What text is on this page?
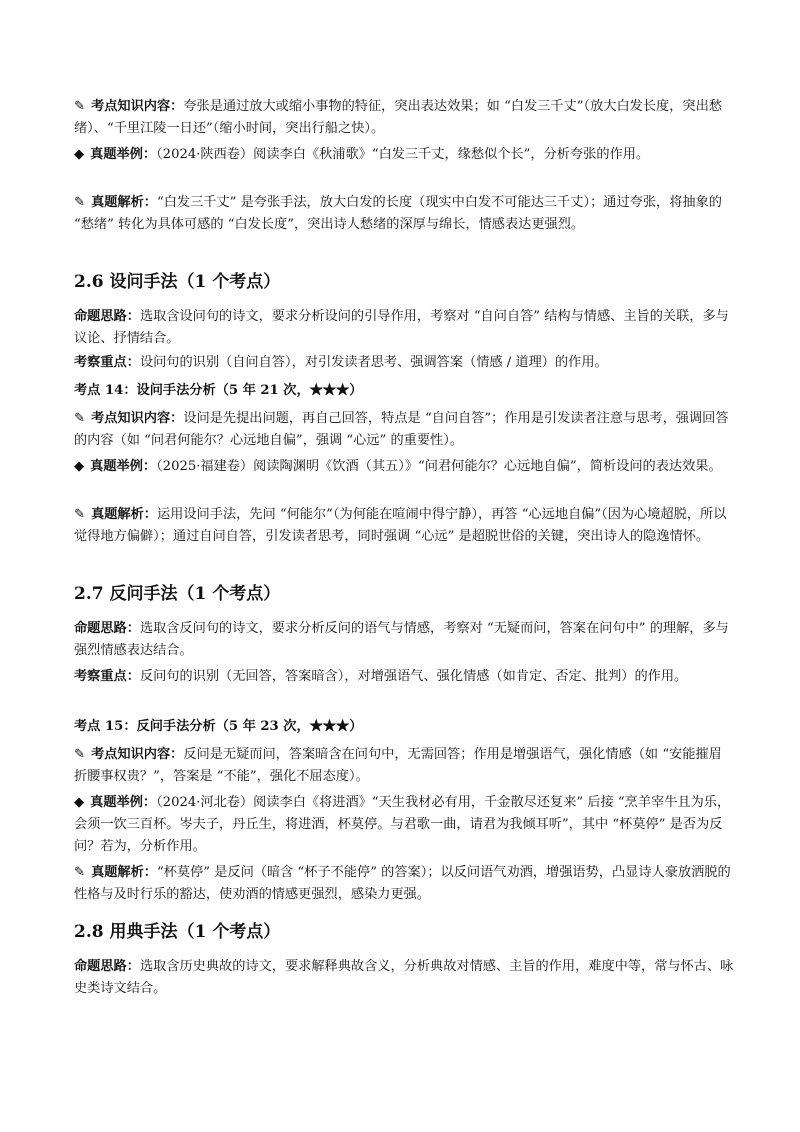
✎ 考点知识内容：夸张是通过放大或缩小事物的特征，突出表达效果；如 “白发三千丈”（放大白发长度，突出愁绪）、“千里江陵一日还”（缩小时间，突出行船之快）。

◆ 真题举例：（2024·陕西卷）阅读李白《秋浦歌》“白发三千丈，缘愁似个长”，分析夸张的作用。

✎ 真题解析：“白发三千丈” 是夸张手法，放大白发的长度（现实中白发不可能达三千丈）；通过夸张，将抽象的 “愁绪” 转化为具体可感的 “白发长度”，突出诗人愁绪的深厚与绵长，情感表达更强烈。

2.6 设问手法（1 个考点）

命题思路：选取含设问句的诗文，要求分析设问的引导作用，考察对 “自问自答” 结构与情感、主旨的关联，多与议论、抒情结合。

考察重点：设问句的识别（自问自答），对引发读者思考、强调答案（情感 / 道理）的作用。

考点 14：设问手法分析（5 年 21 次，★★★）

✎ 考点知识内容：设问是先提出问题，再自己回答，特点是 “自问自答”；作用是引发读者注意与思考，强调回答的内容（如 “问君何能尔？心远地自偏”，强调 “心远” 的重要性）。

◆ 真题举例：（2025·福建卷）阅读陶渊明《饮酒（其五）》“问君何能尔？心远地自偏”，简析设问的表达效果。

✎ 真题解析：运用设问手法，先问 “何能尔”（为何能在喧闹中得宁静），再答 “心远地自偏”（因为心境超脱，所以觉得地方偏僻）；通过自问自答，引发读者思考，同时强调 “心远” 是超脱世俗的关键，突出诗人的隐逸情怀。

2.7 反问手法（1 个考点）

命题思路：选取含反问句的诗文，要求分析反问的语气与情感，考察对 “无疑而问，答案在问句中” 的理解，多与强烈情感表达结合。

考察重点：反问句的识别（无回答，答案暗含），对增强语气、强化情感（如肯定、否定、批判）的作用。

考点 15：反问手法分析（5 年 23 次，★★★）

✎ 考点知识内容：反问是无疑而问，答案暗含在问句中，无需回答；作用是增强语气，强化情感（如 “安能摧眉折腰事权贵？”，答案是 “不能”，强化不屈态度）。

◆ 真题举例：（2024·河北卷）阅读李白《将进酒》“天生我材必有用，千金散尽还复来” 后接 “烹羊宰牛且为乐，会须一饮三百杯。岑夫子，丹丘生，将进酒，杯莫停。与君歌一曲，请君为我倾耳听”，其中 “杯莫停” 是否为反问？若为，分析作用。

✎ 真题解析：“杯莫停” 是反问（暗含 “杯子不能停” 的答案）；以反问语气劝酒，增强语势，凸显诗人豪放洒脱的性格与及时行乐的豁达，使劝酒的情感更强烈，感染力更强。

2.8 用典手法（1 个考点）

命题思路：选取含历史典故的诗文，要求解释典故含义，分析典故对情感、主旨的作用，难度中等，常与怀古、咏史类诗文结合。
